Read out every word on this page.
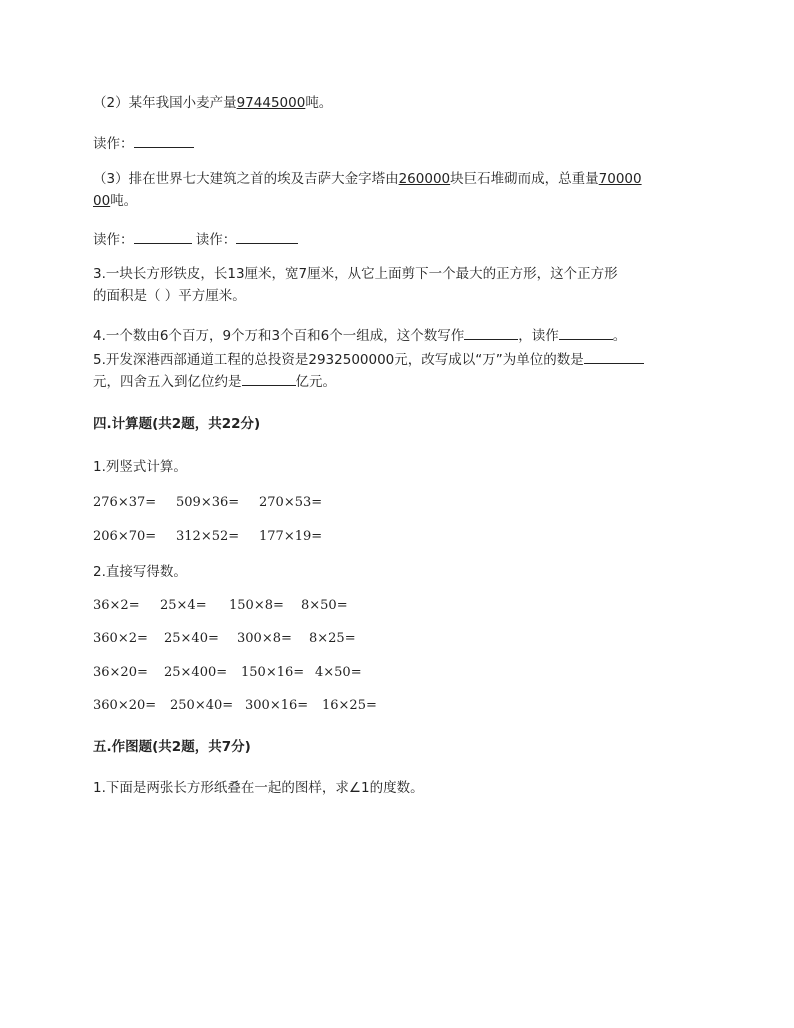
（2）某年我国小麦产量97445000吨。
读作：
（3）排在世界七大建筑之首的埃及吉萨大金字塔由260000块巨石堆砌而成，总重量70000
00吨。
读作：	读作：
3.一块长方形铁皮，长13厘米，宽7厘米，从它上面剪下一个最大的正方形，这个正方形
的面积是（ ）平方厘米。
4.一个数由6个百万，9个万和3个百和6个一组成，这个数写作	，读作	。
5.开发深港西部通道工程的总投资是2932500000元，改写成以“万”为单位的数是
元，四舍五入到亿位约是	亿元。
四.计算题(共2题，共22分)
1.列竖式计算。
276×37= 509×36= 270×53=
206×70= 312×52= 177×19=
2.直接写得数。
36×2= 25×4= 150×8= 8×50=
360×2= 25×40= 300×8= 8×25=
36×20= 25×400= 150×16= 4×50=
360×20= 250×40= 300×16= 16×25=
五.作图题(共2题，共7分)
1.下面是两张长方形纸叠在一起的图样，求∠1的度数。
